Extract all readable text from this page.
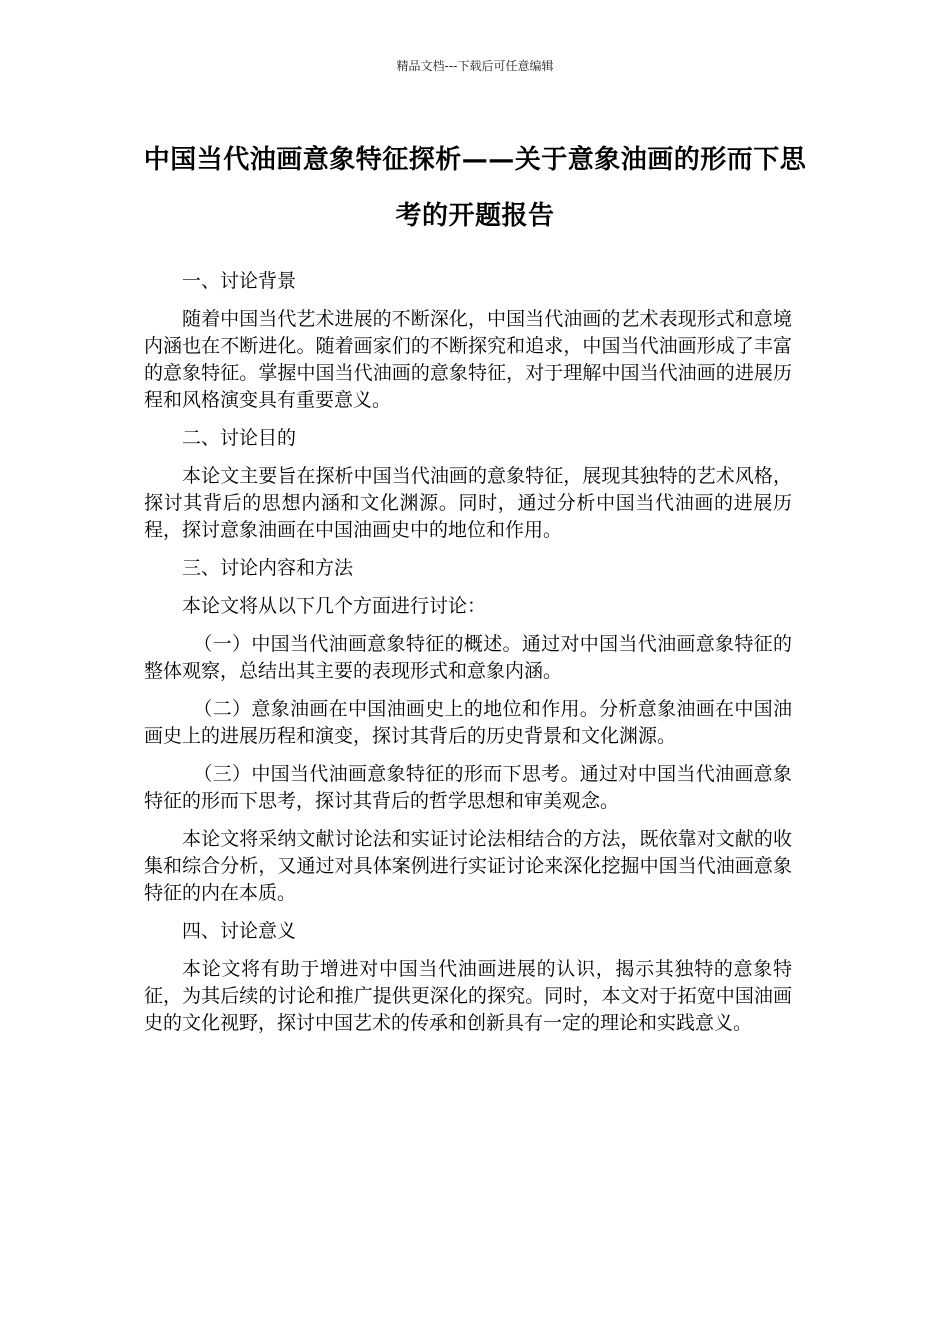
精品文档---下载后可任意编辑
中国当代油画意象特征探析——关于意象油画的形而下思考的开题报告

一、讨论背景

随着中国当代艺术进展的不断深化，中国当代油画的艺术表现形式和意境内涵也在不断进化。随着画家们的不断探究和追求，中国当代油画形成了丰富的意象特征。掌握中国当代油画的意象特征，对于理解中国当代油画的进展历程和风格演变具有重要意义。

二、讨论目的

本论文主要旨在探析中国当代油画的意象特征，展现其独特的艺术风格，探讨其背后的思想内涵和文化渊源。同时，通过分析中国当代油画的进展历程，探讨意象油画在中国油画史中的地位和作用。

三、讨论内容和方法

本论文将从以下几个方面进行讨论：

（一）中国当代油画意象特征的概述。通过对中国当代油画意象特征的整体观察，总结出其主要的表现形式和意象内涵。

（二）意象油画在中国油画史上的地位和作用。分析意象油画在中国油画史上的进展历程和演变，探讨其背后的历史背景和文化渊源。

（三）中国当代油画意象特征的形而下思考。通过对中国当代油画意象特征的形而下思考，探讨其背后的哲学思想和审美观念。

本论文将采纳文献讨论法和实证讨论法相结合的方法，既依靠对文献的收集和综合分析，又通过对具体案例进行实证讨论来深化挖掘中国当代油画意象特征的内在本质。

四、讨论意义

本论文将有助于增进对中国当代油画进展的认识，揭示其独特的意象特征，为其后续的讨论和推广提供更深化的探究。同时，本文对于拓宽中国油画史的文化视野，探讨中国艺术的传承和创新具有一定的理论和实践意义。
